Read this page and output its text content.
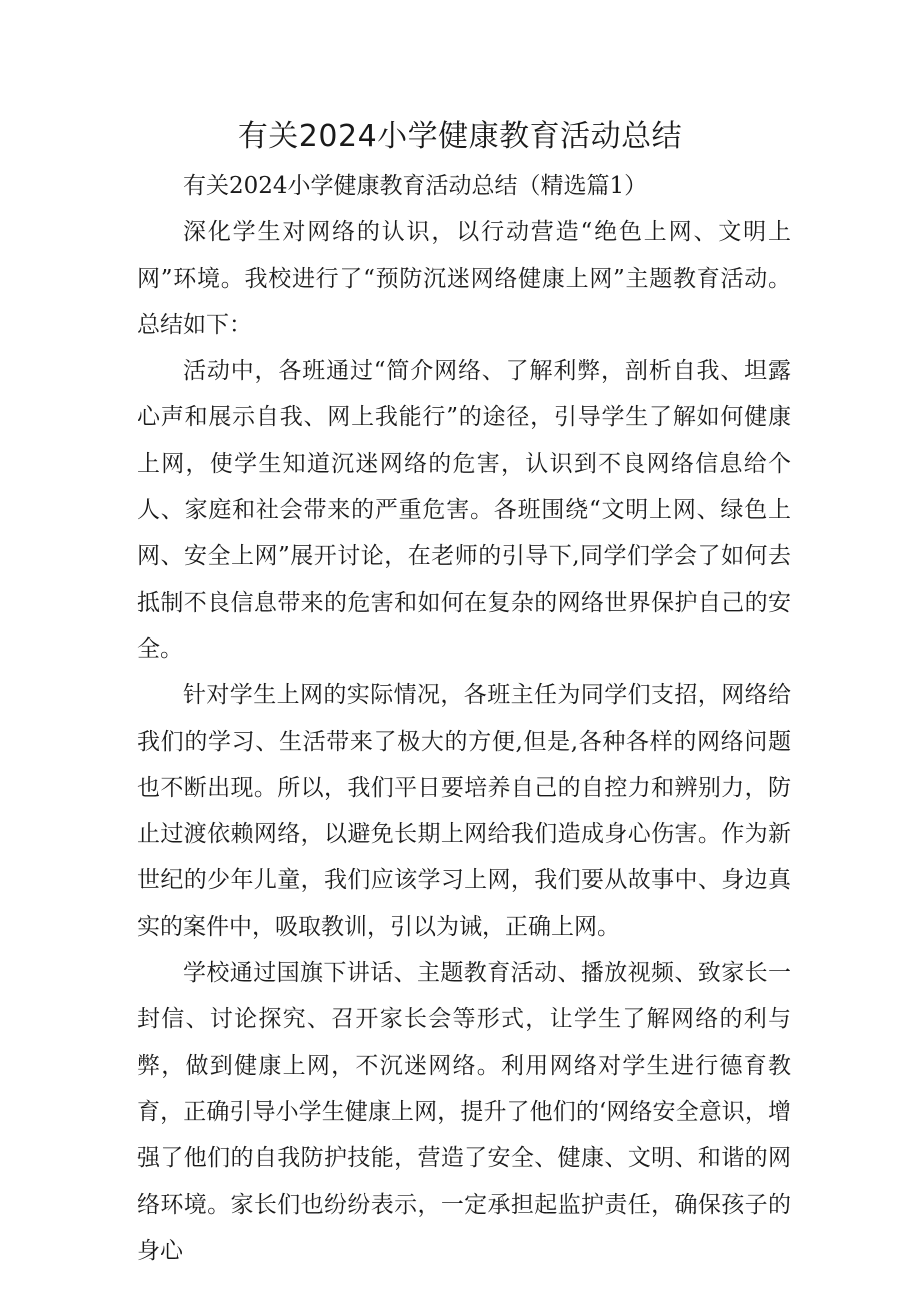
有关2024小学健康教育活动总结

有关2024小学健康教育活动总结（精选篇1）

深化学生对网络的认识，以行动营造“绝色上网、文明上网”环境。我校进行了“预防沉迷网络健康上网”主题教育活动。总结如下：

活动中，各班通过“简介网络、了解利弊，剖析自我、坦露心声和展示自我、网上我能行”的途径，引导学生了解如何健康上网，使学生知道沉迷网络的危害，认识到不良网络信息给个人、家庭和社会带来的严重危害。各班围绕“文明上网、绿色上网、安全上网”展开讨论，在老师的引导下,同学们学会了如何去抵制不良信息带来的危害和如何在复杂的网络世界保护自己的安全。

针对学生上网的实际情况，各班主任为同学们支招，网络给我们的学习、生活带来了极大的方便,但是,各种各样的网络问题也不断出现。所以，我们平日要培养自己的自控力和辨别力，防止过渡依赖网络，以避免长期上网给我们造成身心伤害。作为新世纪的少年儿童，我们应该学习上网，我们要从故事中、身边真实的案件中，吸取教训，引以为诫，正确上网。

学校通过国旗下讲话、主题教育活动、播放视频、致家长一封信、讨论探究、召开家长会等形式，让学生了解网络的利与弊，做到健康上网，不沉迷网络。利用网络对学生进行德育教育，正确引导小学生健康上网，提升了他们的‘网络安全意识，增强了他们的自我防护技能，营造了安全、健康、文明、和谐的网络环境。家长们也纷纷表示，一定承担起监护责任，确保孩子的身心
